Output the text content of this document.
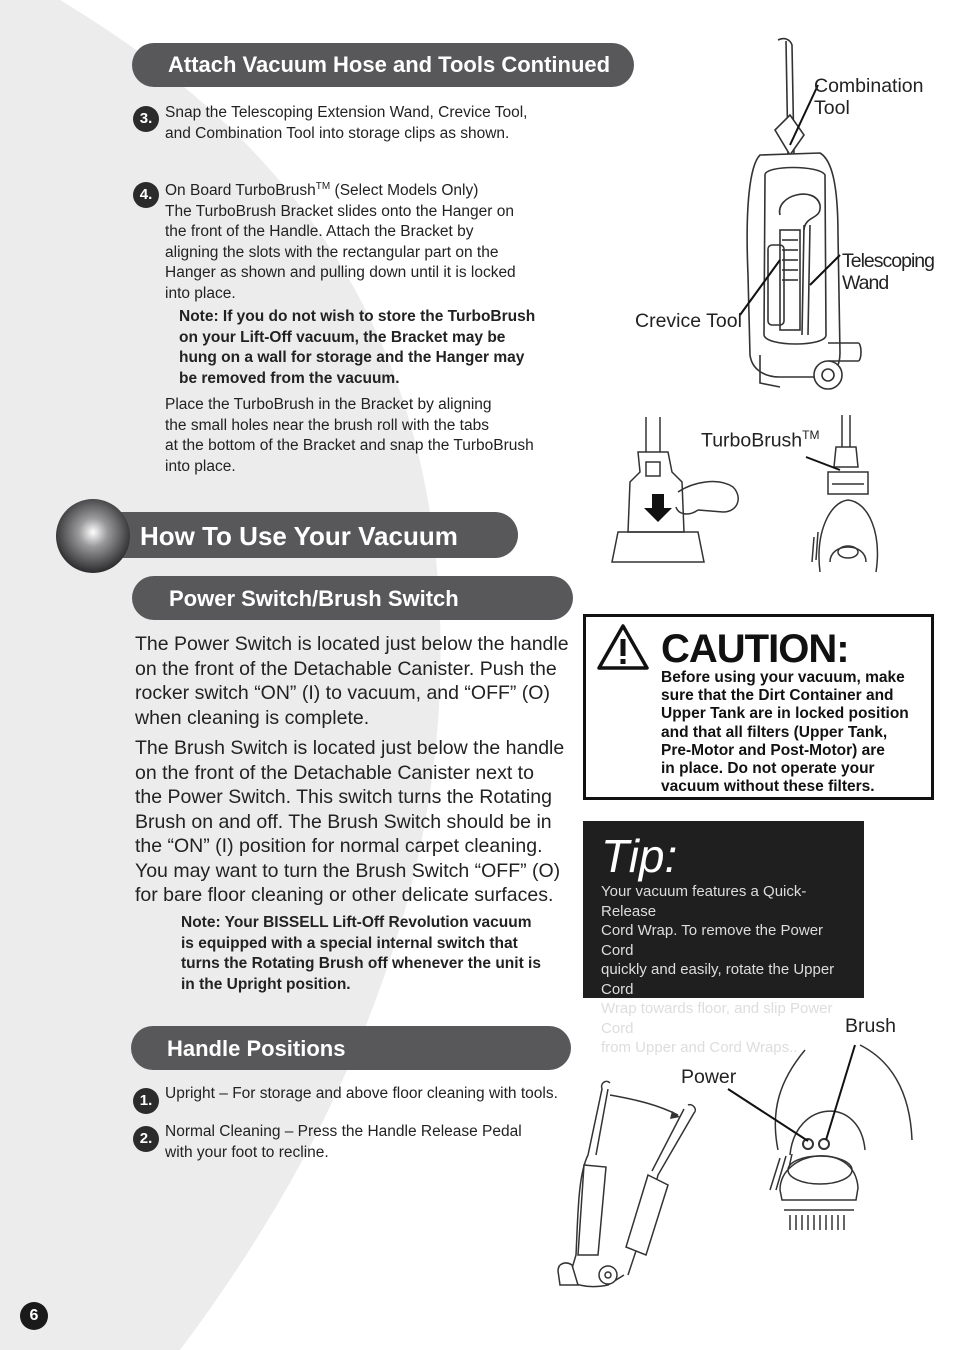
Attach Vacuum Hose and Tools Continued
3. Snap the Telescoping Extension Wand, Crevice Tool,
and Combination Tool into storage clips as shown.
4. On Board TurboBrush™ (Select Models Only)
The TurboBrush Bracket slides onto the Hanger on
the front of the Handle. Attach the Bracket by
aligning the slots with the rectangular part on the
Hanger as shown and pulling down until it is locked
into place.
Note: If you do not wish to store the TurboBrush
on your Lift-Off vacuum, the Bracket may be
hung on a wall for storage and the Hanger may
be removed from the vacuum.
Place the TurboBrush in the Bracket by aligning
the small holes near the brush roll with the tabs
at the bottom of the Bracket and snap the TurboBrush
into place.
How To Use Your Vacuum
Power Switch/Brush Switch
The Power Switch is located just below the handle
on the front of the Detachable Canister. Push the
rocker switch “ON” (I) to vacuum, and “OFF” (O)
when cleaning is complete.
The Brush Switch is located just below the handle
on the front of the Detachable Canister next to
the Power Switch. This switch turns the Rotating
Brush on and off. The Brush Switch should be in
the “ON” (I) position for normal carpet cleaning.
You may want to turn the Brush Switch “OFF” (O)
for bare floor cleaning or other delicate surfaces.
Note: Your BISSELL Lift-Off Revolution vacuum
is equipped with a special internal switch that
turns the Rotating Brush off whenever the unit is
in the Upright position.
Handle Positions
1. Upright – For storage and above floor cleaning with tools.
2. Normal Cleaning – Press the Handle Release Pedal
with your foot to recline.
Combination
Tool
Telescoping
Wand
Crevice Tool
TurboBrush™
CAUTION:
Before using your vacuum, make
sure that the Dirt Container and
Upper Tank are in locked position
and that all filters (Upper Tank,
Pre-Motor and Post-Motor) are
in place. Do not operate your
vacuum without these filters.
Tip:
Your vacuum features a Quick-Release
Cord Wrap. To remove the Power Cord
quickly and easily, rotate the Upper Cord
Wrap towards floor, and slip Power Cord
from Upper and Cord Wraps..
Power
Brush
6
